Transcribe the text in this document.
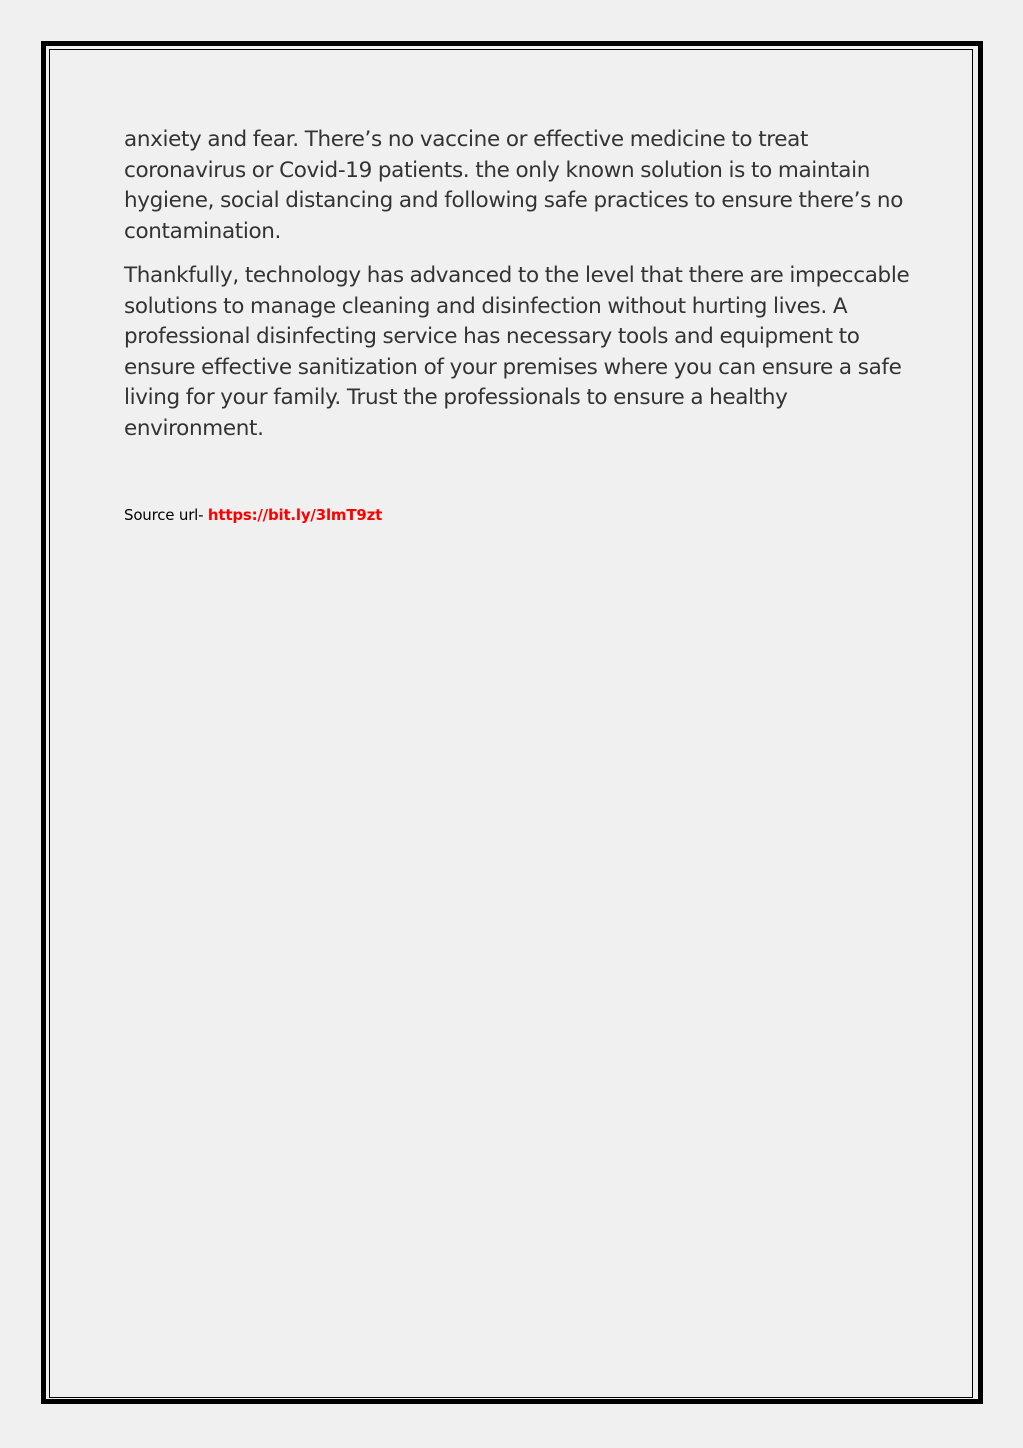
anxiety and fear. There’s no vaccine or effective medicine to treat coronavirus or Covid-19 patients. the only known solution is to maintain hygiene, social distancing and following safe practices to ensure there’s no contamination.

Thankfully, technology has advanced to the level that there are impeccable solutions to manage cleaning and disinfection without hurting lives. A professional disinfecting service has necessary tools and equipment to ensure effective sanitization of your premises where you can ensure a safe living for your family. Trust the professionals to ensure a healthy environment.

Source url- https://bit.ly/3lmT9zt
